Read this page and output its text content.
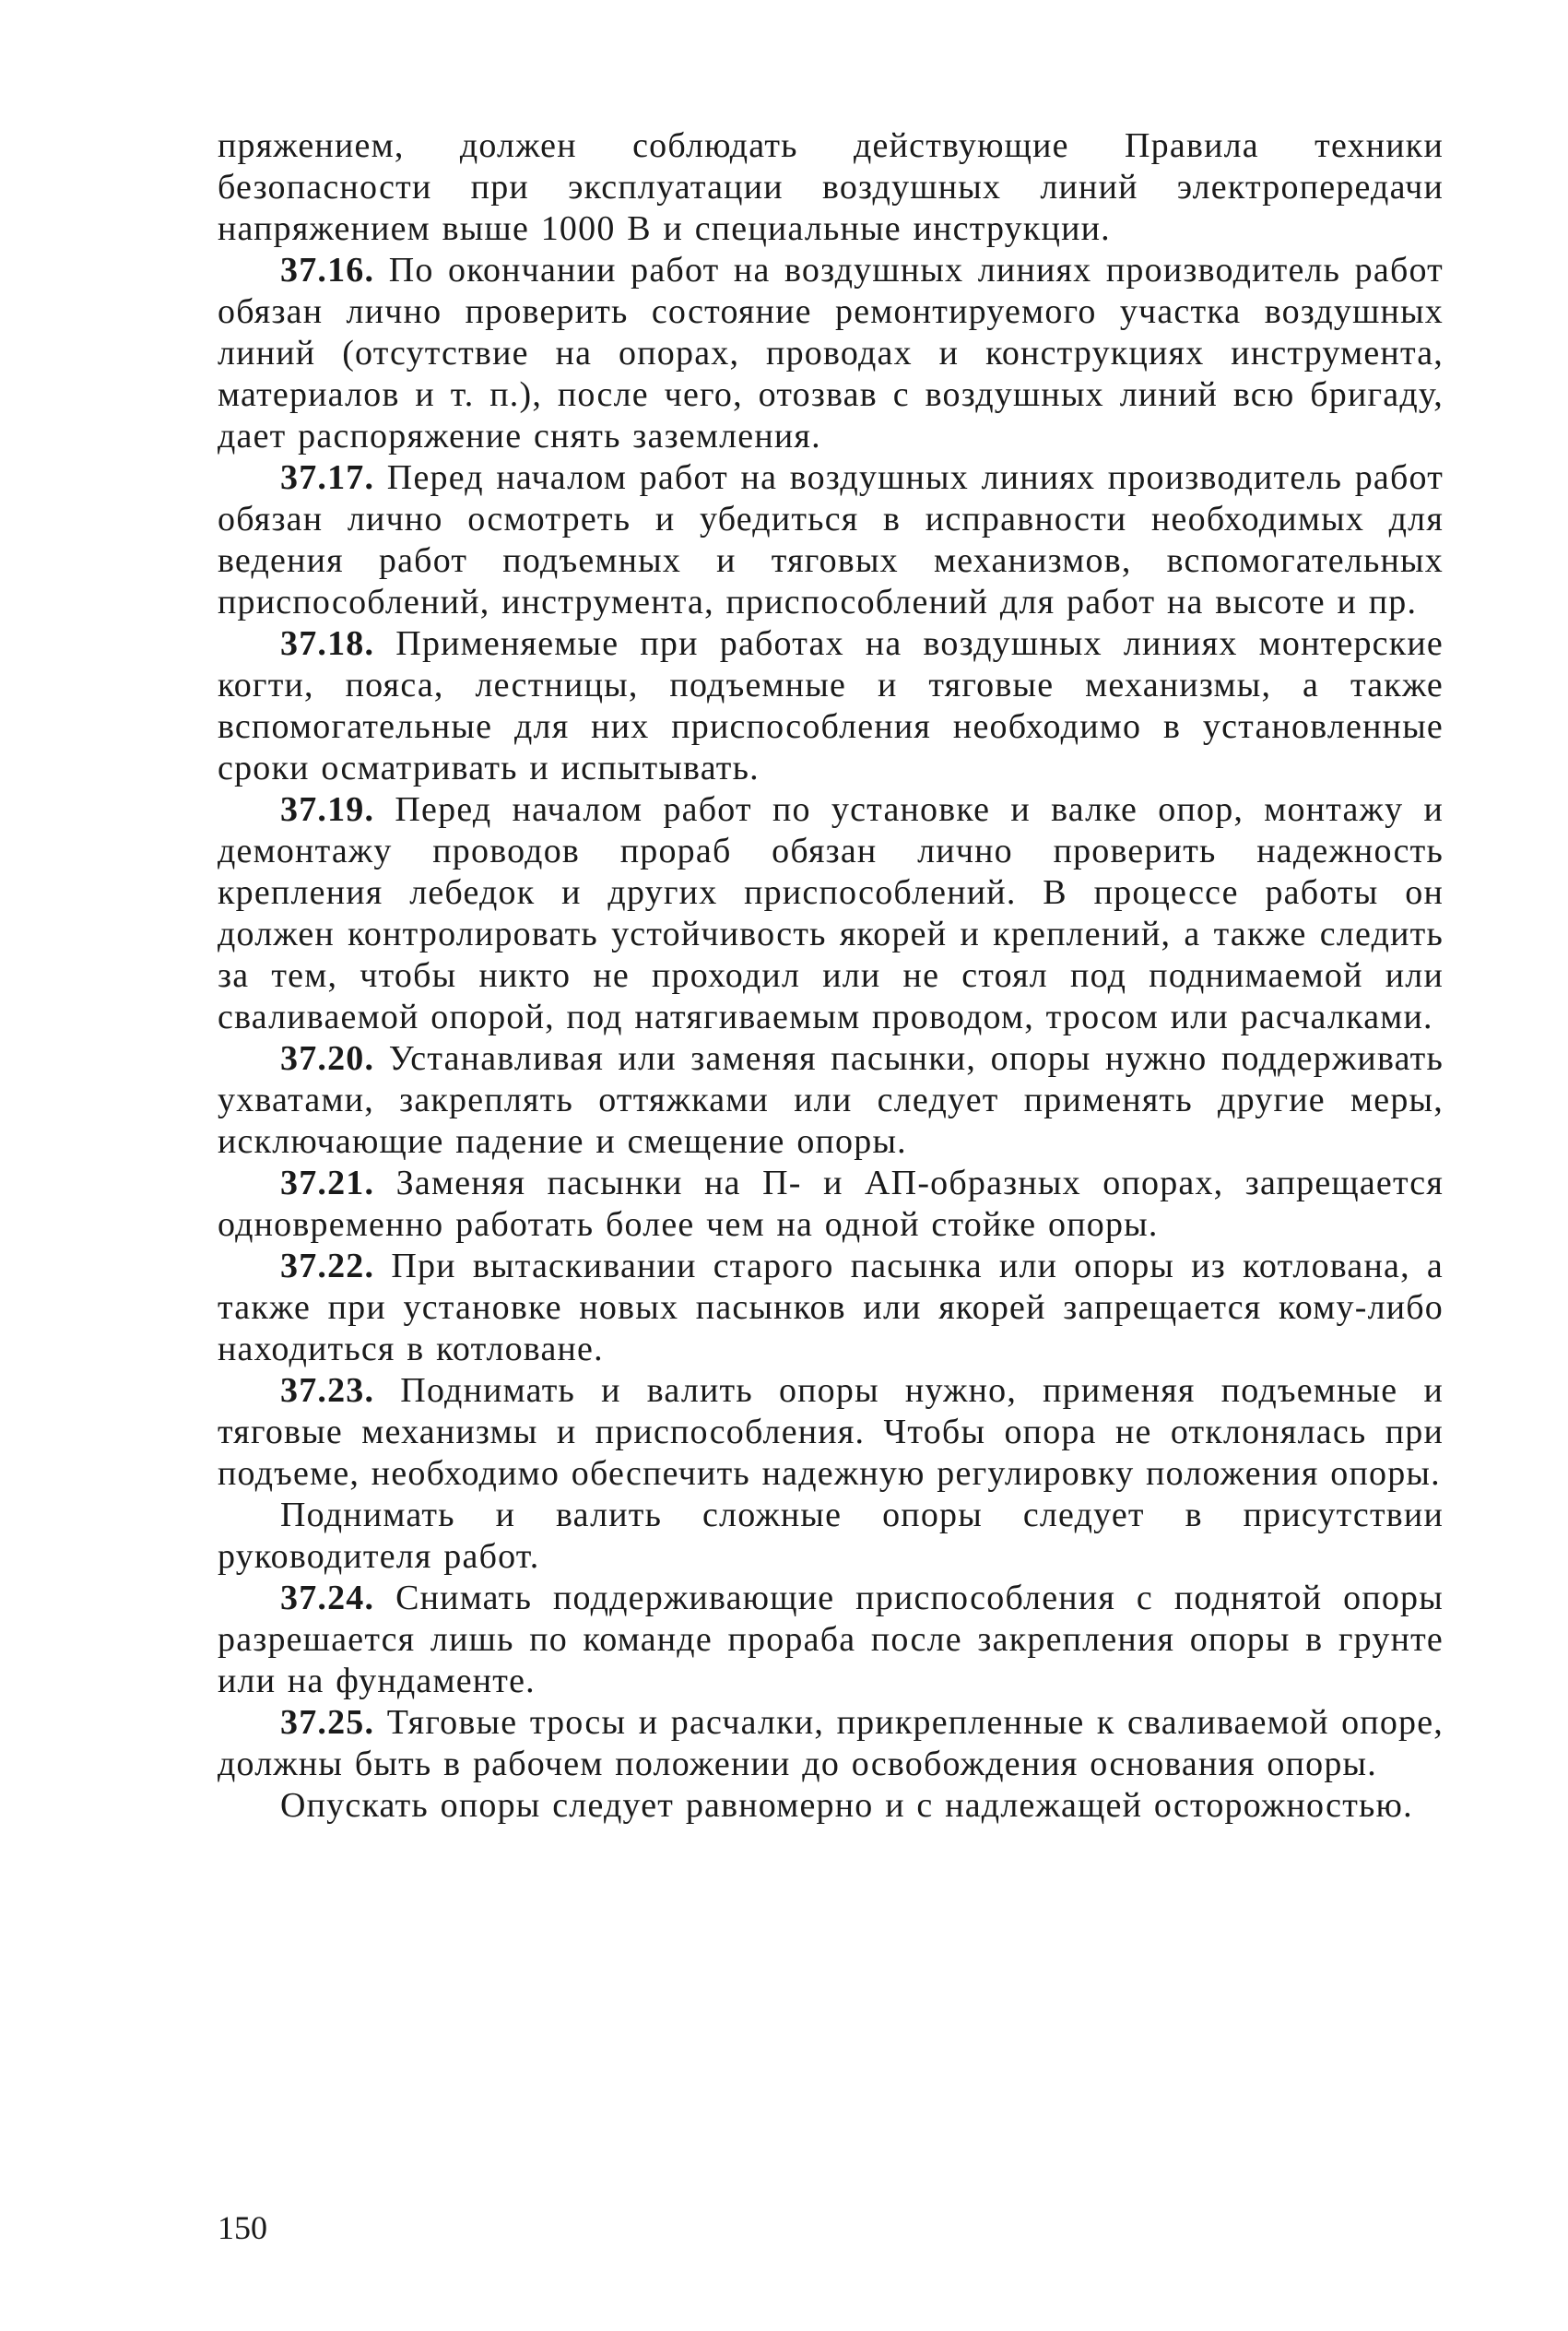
пряжением, должен соблюдать действующие Правила техники безопасности при эксплуатации воздушных линий электропередачи напряжением выше 1000 В и специальные инструкции.

37.16. По окончании работ на воздушных линиях производитель работ обязан лично проверить состояние ремонтируемого участка воздушных линий (отсутствие на опорах, проводах и конструкциях инструмента, материалов и т. п.), после чего, отозвав с воздушных линий всю бригаду, дает распоряжение снять заземления.

37.17. Перед началом работ на воздушных линиях производитель работ обязан лично осмотреть и убедиться в исправности необходимых для ведения работ подъемных и тяговых механизмов, вспомогательных приспособлений, инструмента, приспособлений для работ на высоте и пр.

37.18. Применяемые при работах на воздушных линиях монтерские когти, пояса, лестницы, подъемные и тяговые механизмы, а также вспомогательные для них приспособления необходимо в установленные сроки осматривать и испытывать.

37.19. Перед началом работ по установке и валке опор, монтажу и демонтажу проводов прораб обязан лично проверить надежность крепления лебедок и других приспособлений. В процессе работы он должен контролировать устойчивость якорей и креплений, а также следить за тем, чтобы никто не проходил или не стоял под поднимаемой или сваливаемой опорой, под натягиваемым проводом, тросом или расчалками.

37.20. Устанавливая или заменяя пасынки, опоры нужно поддерживать ухватами, закреплять оттяжками или следует применять другие меры, исключающие падение и смещение опоры.

37.21. Заменяя пасынки на П- и АП-образных опорах, запрещается одновременно работать более чем на одной стойке опоры.

37.22. При вытаскивании старого пасынка или опоры из котлована, а также при установке новых пасынков или якорей запрещается кому-либо находиться в котловане.

37.23. Поднимать и валить опоры нужно, применяя подъемные и тяговые механизмы и приспособления. Чтобы опора не отклонялась при подъеме, необходимо обеспечить надежную регулировку положения опоры.

Поднимать и валить сложные опоры следует в присутствии руководителя работ.

37.24. Снимать поддерживающие приспособления с поднятой опоры разрешается лишь по команде прораба после закрепления опоры в грунте или на фундаменте.

37.25. Тяговые тросы и расчалки, прикрепленные к сваливаемой опоре, должны быть в рабочем положении до освобождения основания опоры.

Опускать опоры следует равномерно и с надлежащей осторожностью.

150
